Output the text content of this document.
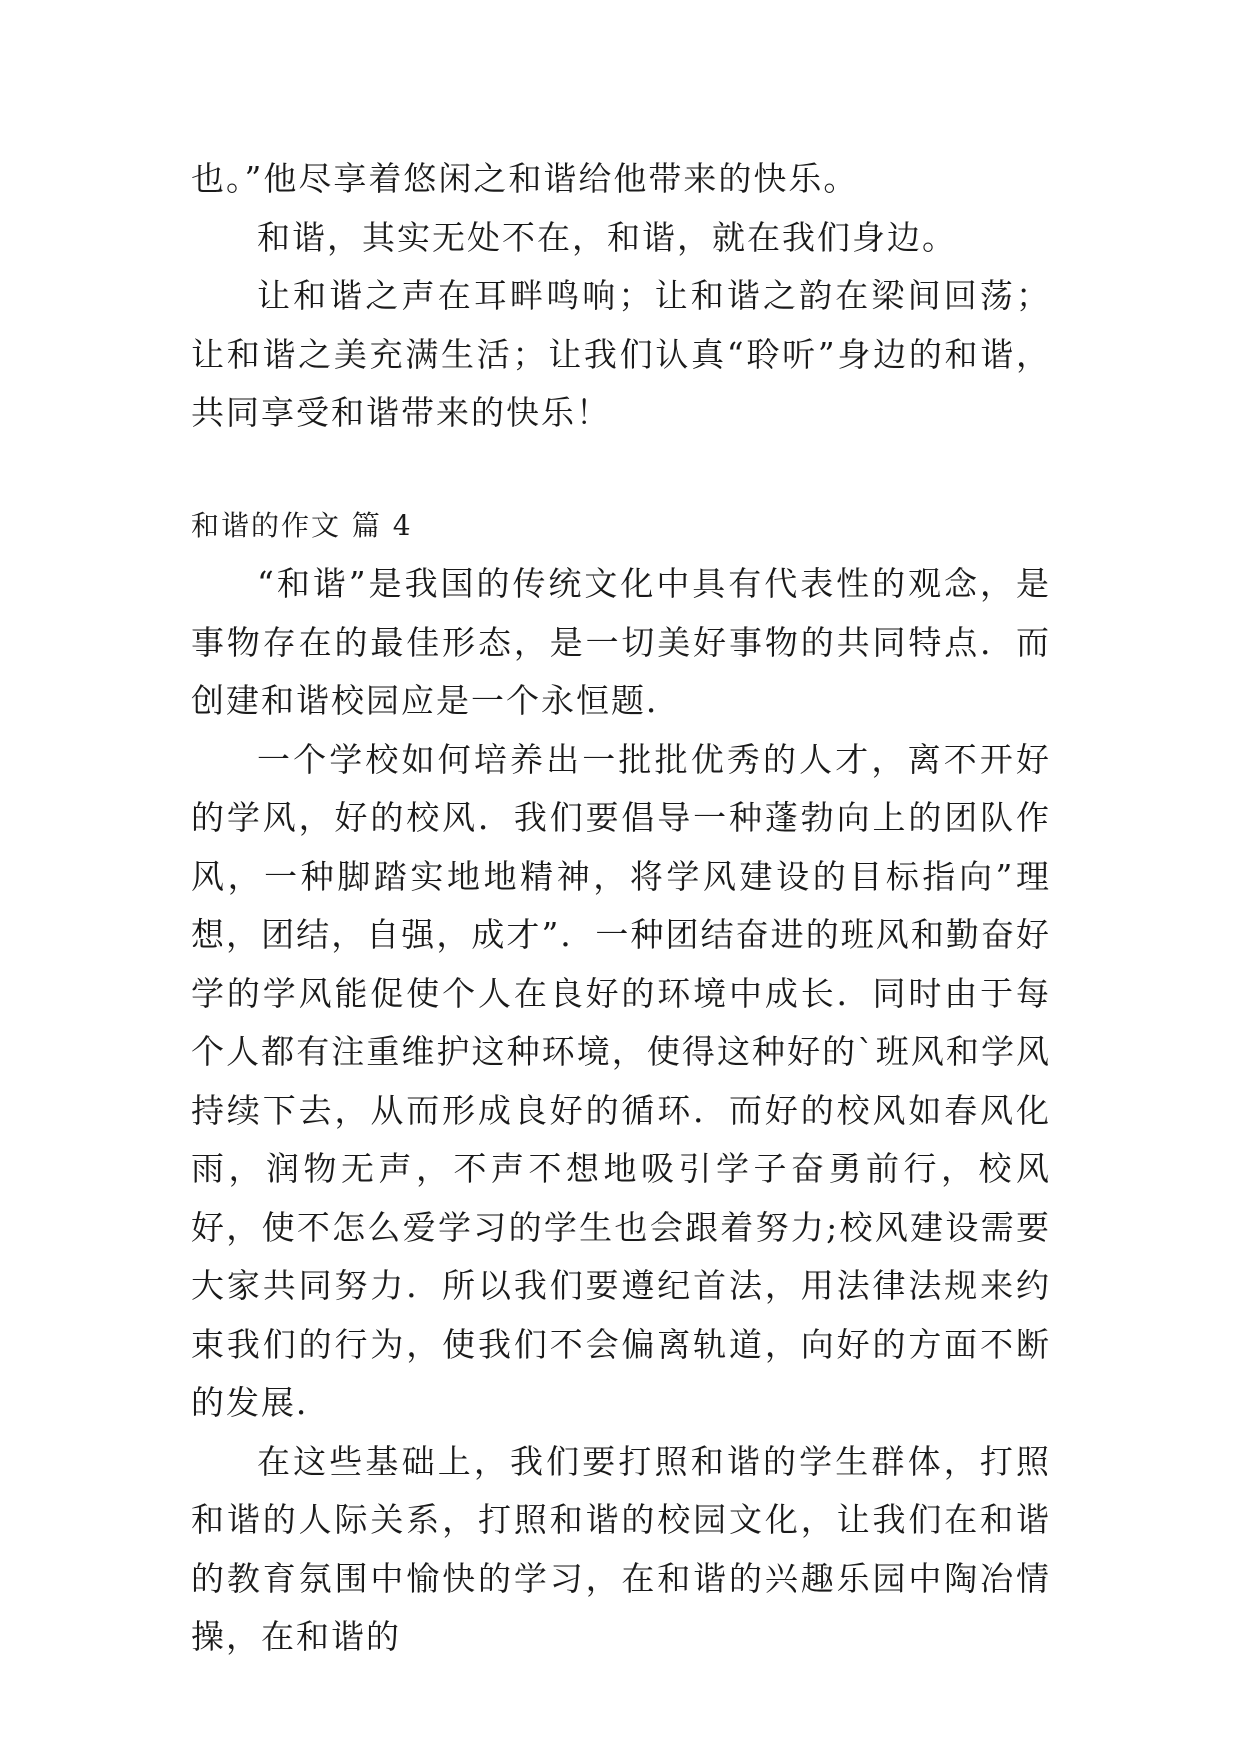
也。”他尽享着悠闲之和谐给他带来的快乐。

和谐，其实无处不在，和谐，就在我们身边。

让和谐之声在耳畔鸣响；让和谐之韵在梁间回荡；让和谐之美充满生活；让我们认真“聆听”身边的和谐，共同享受和谐带来的快乐！

和谐的作文 篇 4

“和谐”是我国的传统文化中具有代表性的观念，是事物存在的最佳形态，是一切美好事物的共同特点．而创建和谐校园应是一个永恒题．

一个学校如何培养出一批批优秀的人才，离不开好的学风，好的校风．我们要倡导一种蓬勃向上的团队作风，一种脚踏实地地精神，将学风建设的目标指向”理想，团结，自强，成才”．一种团结奋进的班风和勤奋好学的学风能促使个人在良好的环境中成长．同时由于每个人都有注重维护这种环境，使得这种好的`班风和学风持续下去，从而形成良好的循环．而好的校风如春风化雨，润物无声，不声不想地吸引学子奋勇前行，校风好，使不怎么爱学习的学生也会跟着努力;校风建设需要大家共同努力．所以我们要遵纪首法，用法律法规来约束我们的行为，使我们不会偏离轨道，向好的方面不断的发展．

在这些基础上，我们要打照和谐的学生群体，打照和谐的人际关系，打照和谐的校园文化，让我们在和谐的教育氛围中愉快的学习，在和谐的兴趣乐园中陶冶情操，在和谐的
